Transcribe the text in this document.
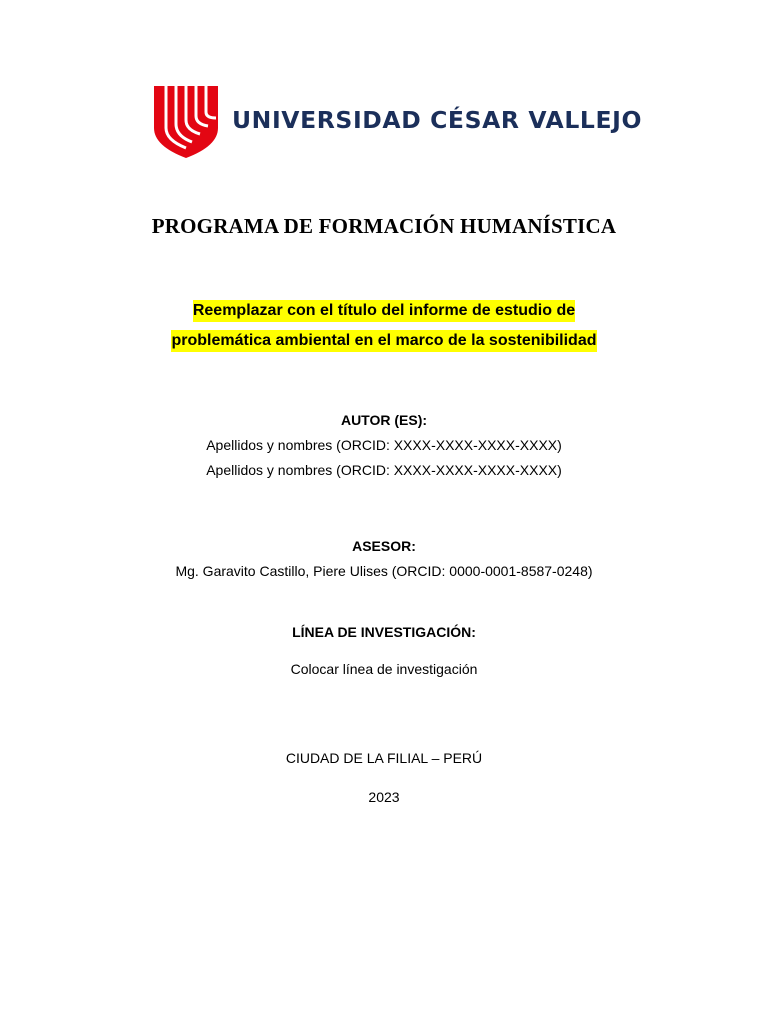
UNIVERSIDAD CÉSAR VALLEJO
PROGRAMA DE FORMACIÓN HUMANÍSTICA
Reemplazar con el título del informe de estudio de
problemática ambiental en el marco de la sostenibilidad
AUTOR (ES):
Apellidos y nombres (ORCID: XXXX-XXXX-XXXX-XXXX)
Apellidos y nombres (ORCID: XXXX-XXXX-XXXX-XXXX)
ASESOR:
Mg. Garavito Castillo, Piere Ulises (ORCID: 0000-0001-8587-0248)
LÍNEA DE INVESTIGACIÓN:
Colocar línea de investigación
CIUDAD DE LA FILIAL – PERÚ
2023
